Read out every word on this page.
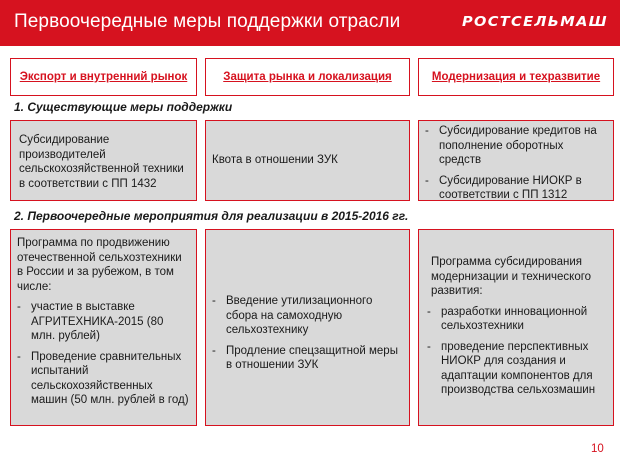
Первоочередные меры поддержки отрасли	РОСТСЕЛЬМАШ
Экспорт и внутренний рынок	Защита рынка и локализация	Модернизация и техразвитие
1. Существующие меры поддержки
Субсидирование производителей сельскохозяйственной техники в соответствии с ПП 1432
Квота в отношении ЗУК
- Субсидирование кредитов на пополнение оборотных средств
- Субсидирование НИОКР в соответствии с ПП 1312
2. Первоочередные мероприятия для реализации в 2015-2016 гг.
Программа по продвижению отечественной сельхозтехники в России и за рубежом, в том числе:
- участие в выставке АГРИТЕХНИКА-2015 (80 млн. рублей)
- Проведение сравнительных испытаний сельскохозяйственных машин (50 млн. рублей в год)
- Введение утилизационного сбора на самоходную сельхозтехнику
- Продление спецзащитной меры в отношении ЗУК
Программа субсидирования модернизации и технического развития:
- разработки инновационной сельхозтехники
- проведение перспективных НИОКР для создания и адаптации компонентов для производства сельхозмашин
10
